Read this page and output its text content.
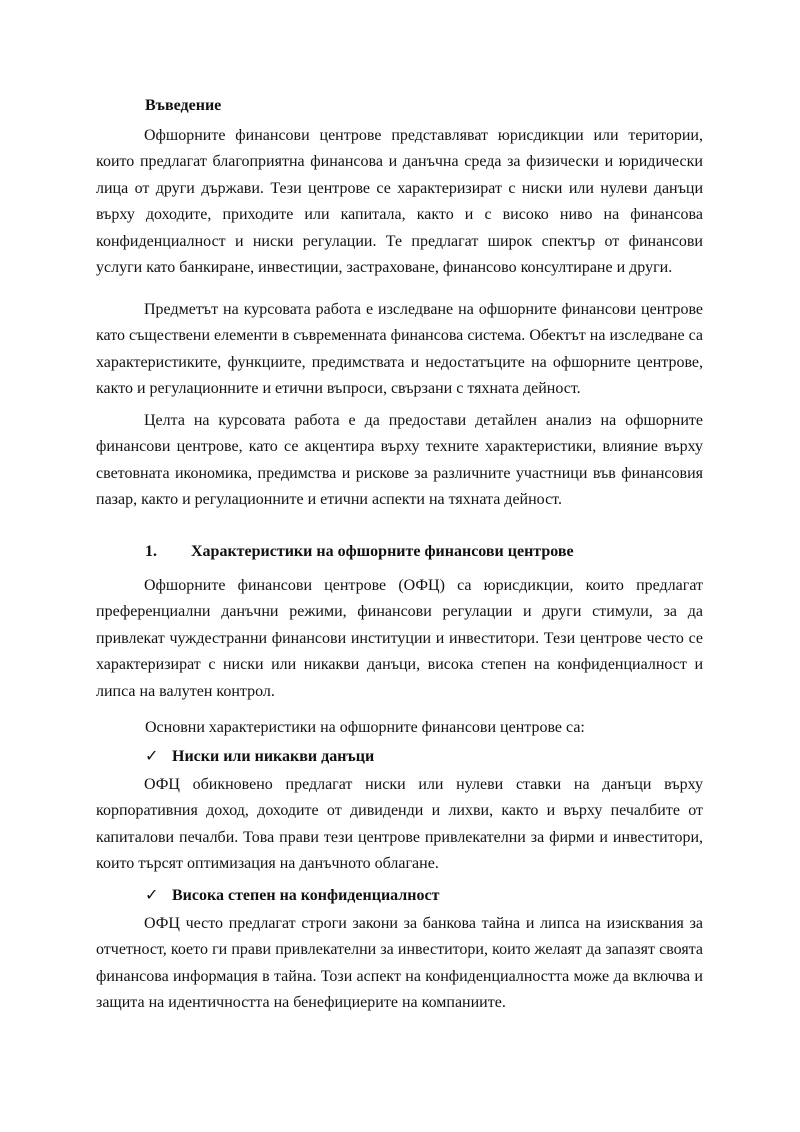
Въведение

Офшорните финансови центрове представляват юрисдикции или територии, които предлагат благоприятна финансова и данъчна среда за физически и юридически лица от други държави. Тези центрове се характеризират с ниски или нулеви данъци върху доходите, приходите или капитала, както и с високо ниво на финансова конфиденциалност и ниски регулации. Те предлагат широк спектър от финансови услуги като банкиране, инвестиции, застраховане, финансово консултиране и други.

Предметът на курсовата работа е изследване на офшорните финансови центрове като съществени елементи в съвременната финансова система. Обектът на изследване са характеристиките, функциите, предимствата и недостатъците на офшорните центрове, както и регулационните и етични въпроси, свързани с тяхната дейност.

Целта на курсовата работа е да предостави детайлен анализ на офшорните финансови центрове, като се акцентира върху техните характеристики, влияние върху световната икономика, предимства и рискове за различните участници във финансовия пазар, както и регулационните и етични аспекти на тяхната дейност.

1. Характеристики на офшорните финансови центрове

Офшорните финансови центрове (ОФЦ) са юрисдикции, които предлагат преференциални данъчни режими, финансови регулации и други стимули, за да привлекат чуждестранни финансови институции и инвеститори. Тези центрове често се характеризират с ниски или никакви данъци, висока степен на конфиденциалност и липса на валутен контрол.

Основни характеристики на офшорните финансови центрове са:

✓ Ниски или никакви данъци

ОФЦ обикновено предлагат ниски или нулеви ставки на данъци върху корпоративния доход, доходите от дивиденди и лихви, както и върху печалбите от капиталови печалби. Това прави тези центрове привлекателни за фирми и инвеститори, които търсят оптимизация на данъчното облагане.

✓ Висока степен на конфиденциалност

ОФЦ често предлагат строги закони за банкова тайна и липса на изисквания за отчетност, което ги прави привлекателни за инвеститори, които желаят да запазят своята финансова информация в тайна. Този аспект на конфиденциалността може да включва и защита на идентичността на бенефициерите на компаниите.
